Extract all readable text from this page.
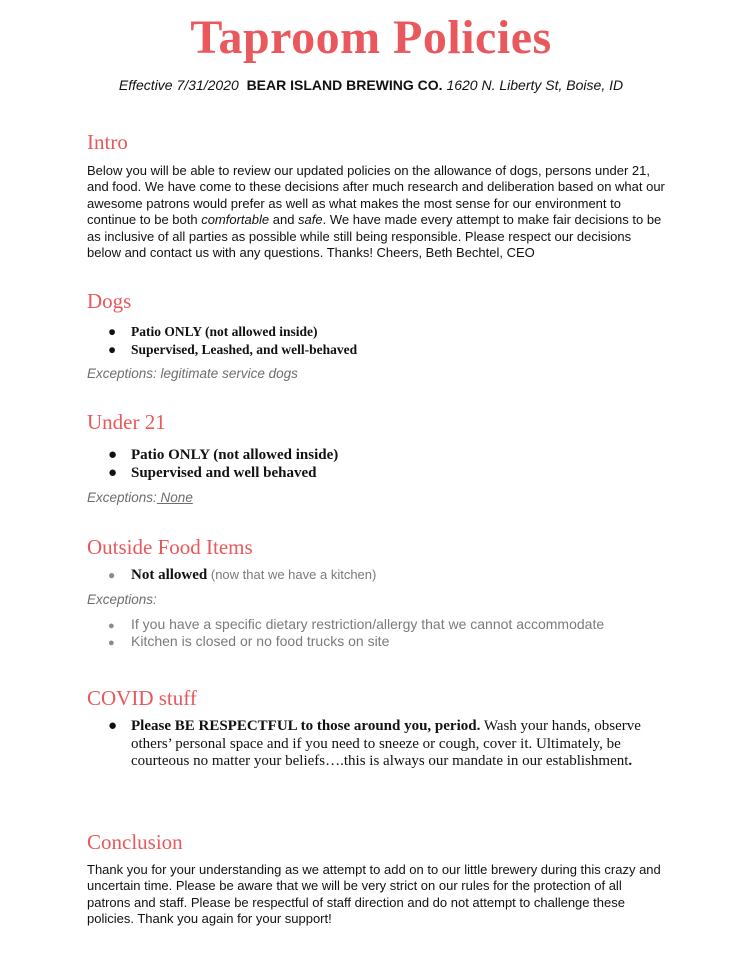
Taproom Policies
Effective 7/31/2020 BEAR ISLAND BREWING CO. 1620 N. Liberty St, Boise, ID
Intro
Below you will be able to review our updated policies on the allowance of dogs, persons under 21, and food. We have come to these decisions after much research and deliberation based on what our awesome patrons would prefer as well as what makes the most sense for our environment to continue to be both comfortable and safe. We have made every attempt to make fair decisions to be as inclusive of all parties as possible while still being responsible. Please respect our decisions below and contact us with any questions. Thanks! Cheers, Beth Bechtel, CEO
Dogs
● Patio ONLY (not allowed inside)
● Supervised, Leashed, and well-behaved
Exceptions: legitimate service dogs
Under 21
● Patio ONLY (not allowed inside)
● Supervised and well behaved
Exceptions: None
Outside Food Items
● Not allowed (now that we have a kitchen)
Exceptions:
● If you have a specific dietary restriction/allergy that we cannot accommodate
● Kitchen is closed or no food trucks on site
COVID stuff
● Please BE RESPECTFUL to those around you, period. Wash your hands, observe others’ personal space and if you need to sneeze or cough, cover it. Ultimately, be courteous no matter your beliefs….this is always our mandate in our establishment.
Conclusion
Thank you for your understanding as we attempt to add on to our little brewery during this crazy and uncertain time. Please be aware that we will be very strict on our rules for the protection of all patrons and staff. Please be respectful of staff direction and do not attempt to challenge these policies. Thank you again for your support!
